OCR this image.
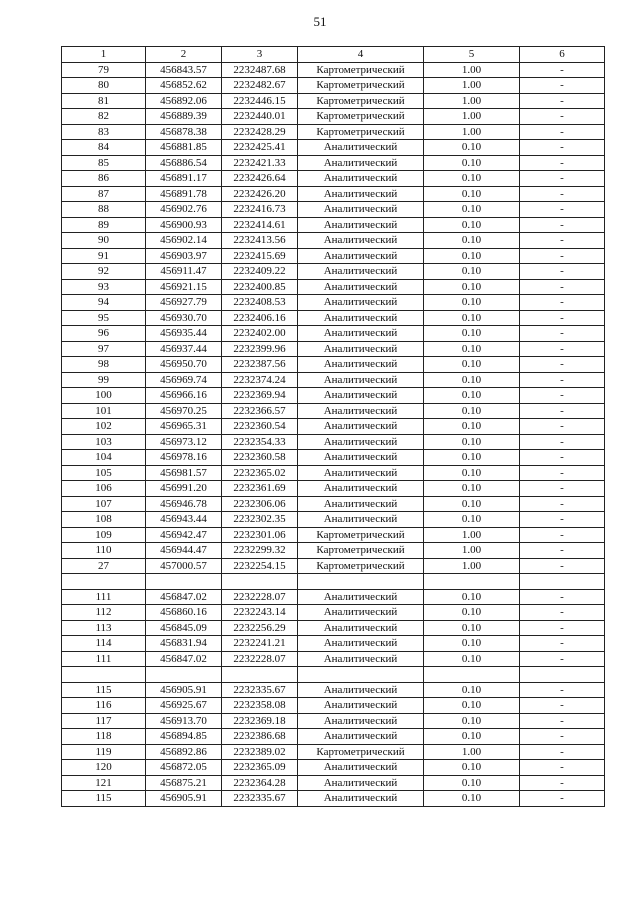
51
1	2	3	4	5	6
79	456843.57	2232487.68	Картометрический	1.00	-
80	456852.62	2232482.67	Картометрический	1.00	-
81	456892.06	2232446.15	Картометрический	1.00	-
82	456889.39	2232440.01	Картометрический	1.00	-
83	456878.38	2232428.29	Картометрический	1.00	-
84	456881.85	2232425.41	Аналитический	0.10	-
85	456886.54	2232421.33	Аналитический	0.10	-
86	456891.17	2232426.64	Аналитический	0.10	-
87	456891.78	2232426.20	Аналитический	0.10	-
88	456902.76	2232416.73	Аналитический	0.10	-
89	456900.93	2232414.61	Аналитический	0.10	-
90	456902.14	2232413.56	Аналитический	0.10	-
91	456903.97	2232415.69	Аналитический	0.10	-
92	456911.47	2232409.22	Аналитический	0.10	-
93	456921.15	2232400.85	Аналитический	0.10	-
94	456927.79	2232408.53	Аналитический	0.10	-
95	456930.70	2232406.16	Аналитический	0.10	-
96	456935.44	2232402.00	Аналитический	0.10	-
97	456937.44	2232399.96	Аналитический	0.10	-
98	456950.70	2232387.56	Аналитический	0.10	-
99	456969.74	2232374.24	Аналитический	0.10	-
100	456966.16	2232369.94	Аналитический	0.10	-
101	456970.25	2232366.57	Аналитический	0.10	-
102	456965.31	2232360.54	Аналитический	0.10	-
103	456973.12	2232354.33	Аналитический	0.10	-
104	456978.16	2232360.58	Аналитический	0.10	-
105	456981.57	2232365.02	Аналитический	0.10	-
106	456991.20	2232361.69	Аналитический	0.10	-
107	456946.78	2232306.06	Аналитический	0.10	-
108	456943.44	2232302.35	Аналитический	0.10	-
109	456942.47	2232301.06	Картометрический	1.00	-
110	456944.47	2232299.32	Картометрический	1.00	-
27	457000.57	2232254.15	Картометрический	1.00	-

111	456847.02	2232228.07	Аналитический	0.10	-
112	456860.16	2232243.14	Аналитический	0.10	-
113	456845.09	2232256.29	Аналитический	0.10	-
114	456831.94	2232241.21	Аналитический	0.10	-
111	456847.02	2232228.07	Аналитический	0.10	-

115	456905.91	2232335.67	Аналитический	0.10	-
116	456925.67	2232358.08	Аналитический	0.10	-
117	456913.70	2232369.18	Аналитический	0.10	-
118	456894.85	2232386.68	Аналитический	0.10	-
119	456892.86	2232389.02	Картометрический	1.00	-
120	456872.05	2232365.09	Аналитический	0.10	-
121	456875.21	2232364.28	Аналитический	0.10	-
115	456905.91	2232335.67	Аналитический	0.10	-
